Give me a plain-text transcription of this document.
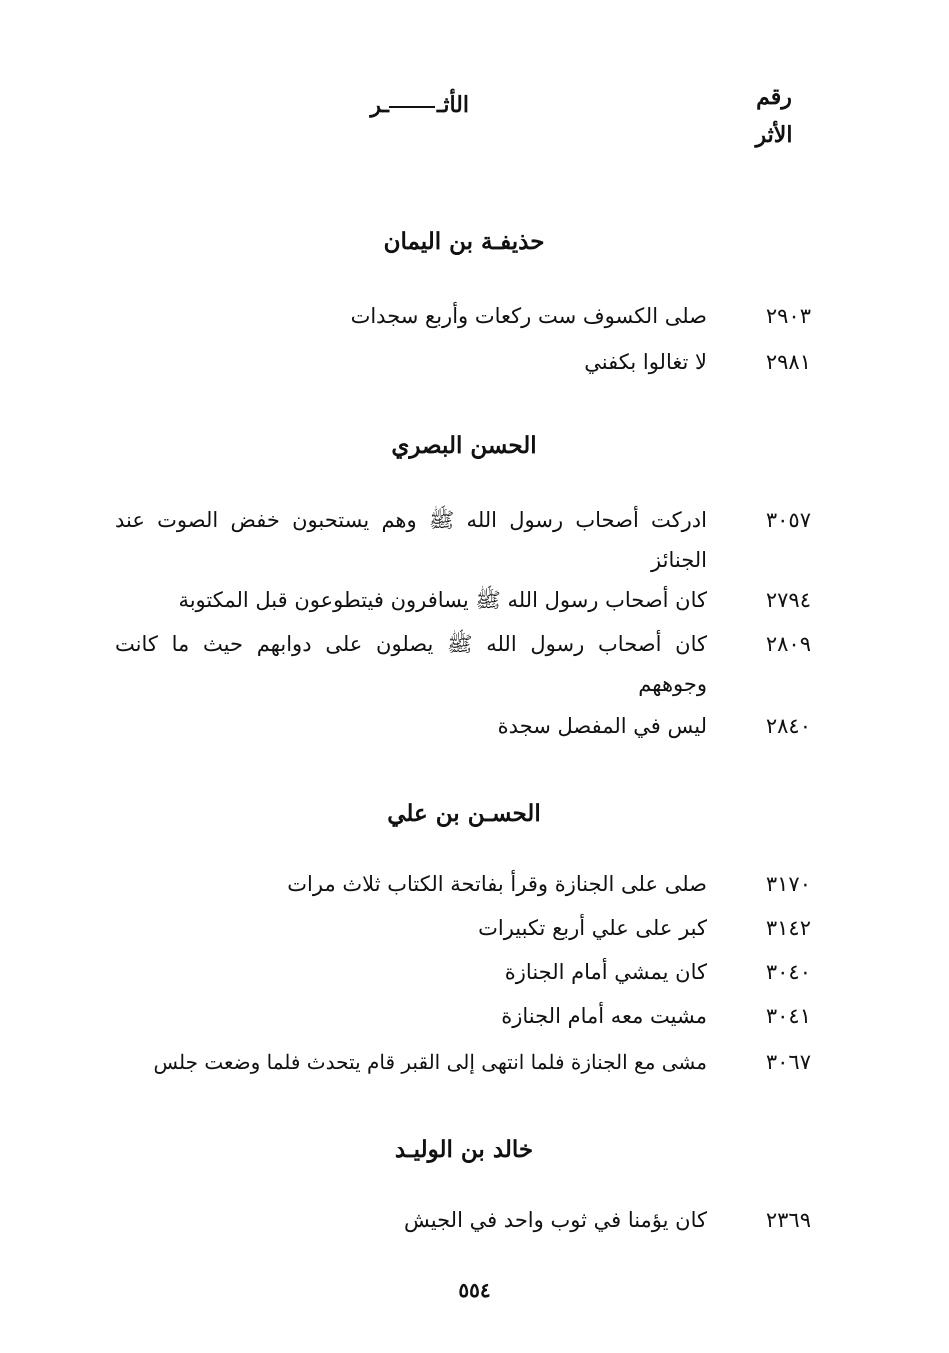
رقم
الأثر
الأثــر
حذيفـة بن اليمان
٢٩٠٣
صلى الكسوف ست ركعات وأربع سجدات
٢٩٨١
لا تغالوا بكفني
الحسن البصري
٣٠٥٧
ادركت أصحاب رسول الله ﷺ وهم يستحبون خفض الصوت عند الجنائز
٢٧٩٤
كان أصحاب رسول الله ﷺ يسافرون فيتطوعون قبل المكتوبة
٢٨٠٩
كان أصحاب رسول الله ﷺ يصلون على دوابهم حيث ما كانت وجوههم
٢٨٤٠
ليس في المفصل سجدة
الحسـن بن علي
٣١٧٠
صلى على الجنازة وقرأ بفاتحة الكتاب ثلاث مرات
٣١٤٢
كبر على علي أربع تكبيرات
٣٠٤٠
كان يمشي أمام الجنازة
٣٠٤١
مشيت معه أمام الجنازة
٣٠٦٧
مشى مع الجنازة فلما انتهى إلى القبر قام يتحدث فلما وضعت جلس
خالد بن الوليـد
٢٣٦٩
كان يؤمنا في ثوب واحد في الجيش
٥٥٤
